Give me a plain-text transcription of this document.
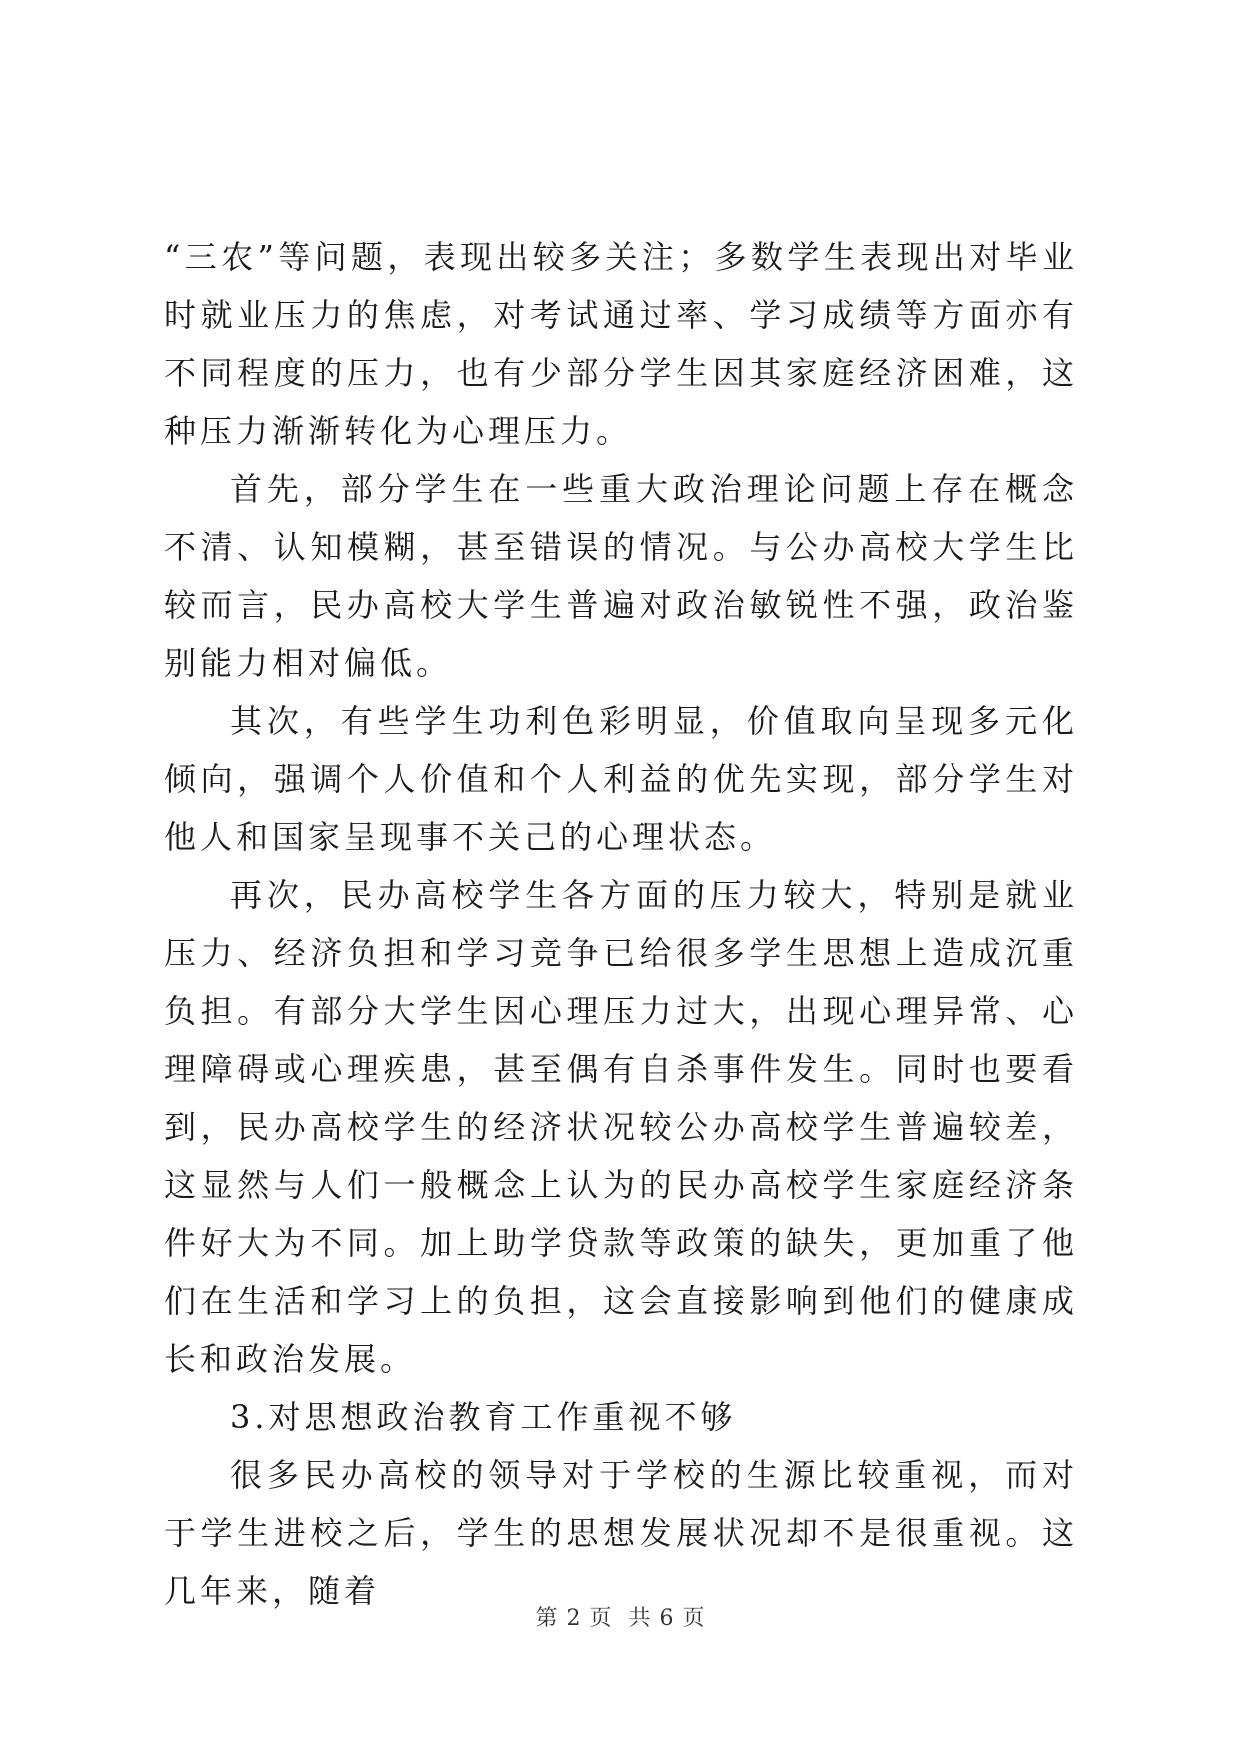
“三农”等问题，表现出较多关注；多数学生表现出对毕业时就业压力的焦虑，对考试通过率、学习成绩等方面亦有不同程度的压力，也有少部分学生因其家庭经济困难，这种压力渐渐转化为心理压力。

首先，部分学生在一些重大政治理论问题上存在概念不清、认知模糊，甚至错误的情况。与公办高校大学生比较而言，民办高校大学生普遍对政治敏锐性不强，政治鉴别能力相对偏低。

其次，有些学生功利色彩明显，价值取向呈现多元化倾向，强调个人价值和个人利益的优先实现，部分学生对他人和国家呈现事不关己的心理状态。

再次，民办高校学生各方面的压力较大，特别是就业压力、经济负担和学习竞争已给很多学生思想上造成沉重负担。有部分大学生因心理压力过大，出现心理异常、心理障碍或心理疾患，甚至偶有自杀事件发生。同时也要看到，民办高校学生的经济状况较公办高校学生普遍较差，这显然与人们一般概念上认为的民办高校学生家庭经济条件好大为不同。加上助学贷款等政策的缺失，更加重了他们在生活和学习上的负担，这会直接影响到他们的健康成长和政治发展。

3.对思想政治教育工作重视不够

很多民办高校的领导对于学校的生源比较重视，而对于学生进校之后，学生的思想发展状况却不是很重视。这几年来，随着

第 2 页 共 6 页
